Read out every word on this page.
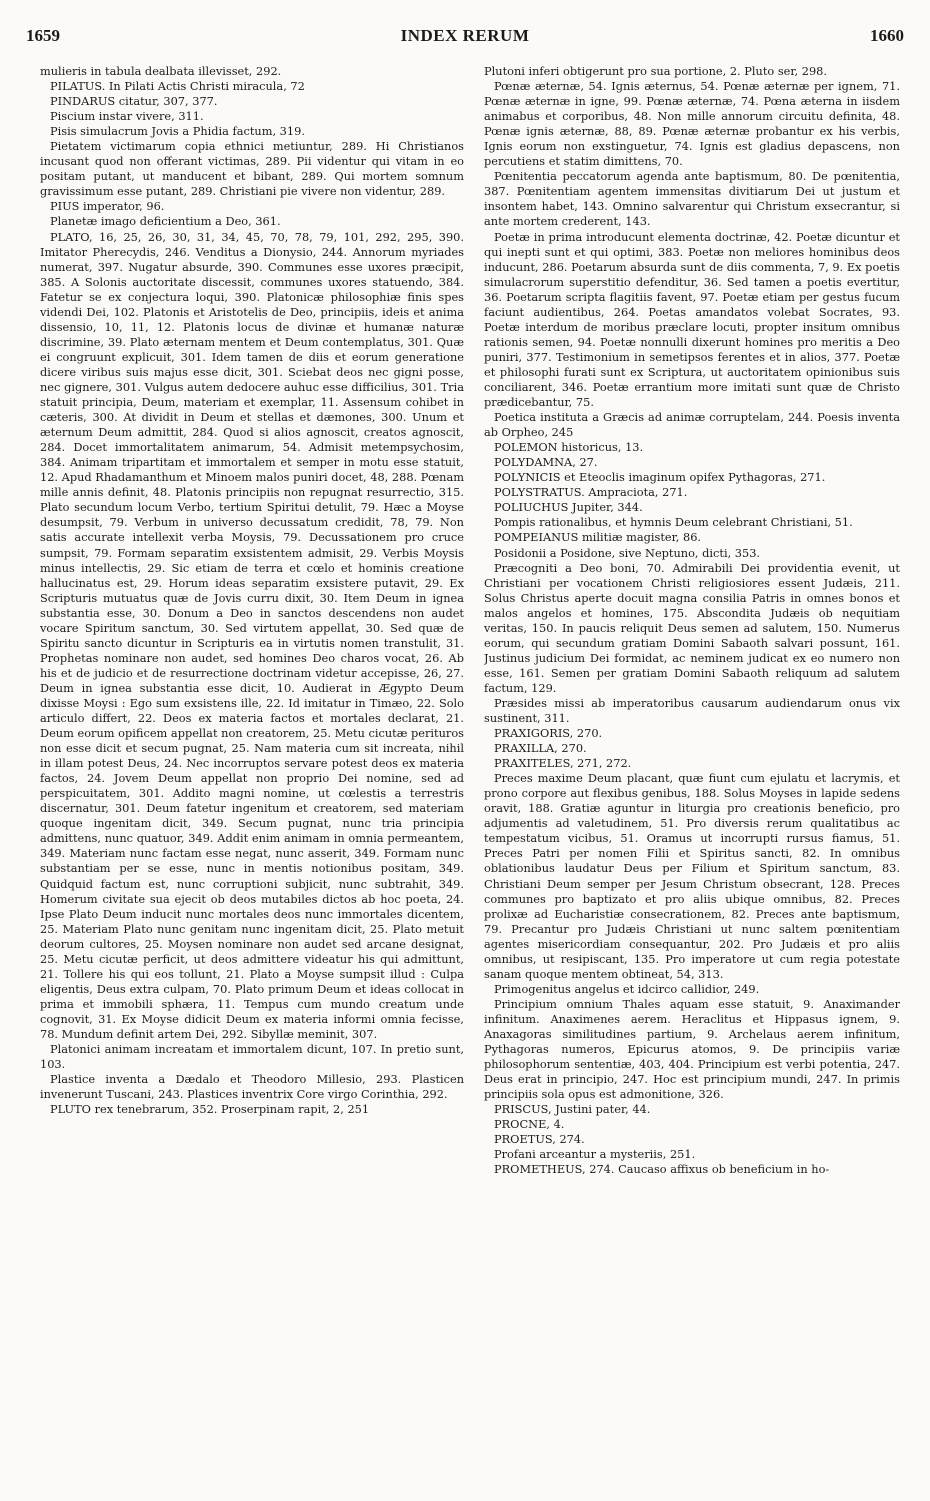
1659	INDEX RERUM	1660

mulieris in tabula dealbata illevisset, 292.

PILATUS. In Pilati Actis Christi miracula, 72

PINDARUS citatur, 307, 377.

Piscium instar vivere, 311.

Pisis simulacrum Jovis a Phidia factum, 319.

Pietatem victimarum copia ethnici metiuntur, 289. Hi Christianos incusant quod non offerant victimas, 289. Pii videntur qui vitam in eo positam putant, ut manducent et bibant, 289. Qui mortem somnum gravissimum esse putant, 289. Christiani pie vivere non videntur, 289.

PIUS imperator, 96.

Planetæ imago deficientium a Deo, 361.

PLATO, 16, 25, 26, 30, 31, 34, 45, 70, 78, 79, 101, 292, 295, 390. Imitator Pherecydis, 246. Venditus a Dionysio, 244. Annorum myriades numerat, 397. Nugatur absurde, 390. Communes esse uxores præcipit, 385. A Solonis auctoritate discessit, communes uxores statuendo, 384. Fatetur se ex conjectura loqui, 390. Platonicæ philosophiæ finis spes videndi Dei, 102. Platonis et Aristotelis de Deo, principiis, ideis et anima dissensio, 10, 11, 12. Platonis locus de divinæ et humanæ naturæ discrimine, 39. Plato æternam mentem et Deum contemplatus, 301. Quæ ei congruunt explicuit, 301. Idem tamen de diis et eorum generatione dicere viribus suis majus esse dicit, 301. Sciebat deos nec gigni posse, nec gignere, 301. Vulgus autem dedocere auhuc esse difficilius, 301. Tria statuit principia, Deum, materiam et exemplar, 11. Assensum cohibet in cæteris, 300. At dividit in Deum et stellas et dæmones, 300. Unum et æternum Deum admittit, 284. Quod si alios agnoscit, creatos agnoscit, 284. Docet immortalitatem animarum, 54. Admisit metempsychosim, 384. Animam tripartitam et immortalem et semper in motu esse statuit, 12. Apud Rhadamanthum et Minoem malos puniri docet, 48, 288. Pœnam mille annis definit, 48. Platonis principiis non repugnat resurrectio, 315. Plato secundum locum Verbo, tertium Spiritui detulit, 79. Hæc a Moyse desumpsit, 79. Verbum in universo decussatum credidit, 78, 79. Non satis accurate intellexit verba Moysis, 79. Decussationem pro cruce sumpsit, 79. Formam separatim exsistentem admisit, 29. Verbis Moysis minus intellectis, 29. Sic etiam de terra et cœlo et hominis creatione hallucinatus est, 29. Horum ideas separatim exsistere putavit, 29. Ex Scripturis mutuatus quæ de Jovis curru dixit, 30. Item Deum in ignea substantia esse, 30. Donum a Deo in sanctos descendens non audet vocare Spiritum sanctum, 30. Sed virtutem appellat, 30. Sed quæ de Spiritu sancto dicuntur in Scripturis ea in virtutis nomen transtulit, 31. Prophetas nominare non audet, sed homines Deo charos vocat, 26. Ab his et de judicio et de resurrectione doctrinam videtur accepisse, 26, 27. Deum in ignea substantia esse dicit, 10. Audierat in Ægypto Deum dixisse Moysi : Ego sum exsistens ille, 22. Id imitatur in Timæo, 22. Solo articulo differt, 22. Deos ex materia factos et mortales declarat, 21. Deum eorum opificem appellat non creatorem, 25. Metu cicutæ perituros non esse dicit et secum pugnat, 25. Nam materia cum sit increata, nihil in illam potest Deus, 24. Nec incorruptos servare potest deos ex materia factos, 24. Jovem Deum appellat non proprio Dei nomine, sed ad perspicuitatem, 301. Addito magni nomine, ut cœlestis a terrestris discernatur, 301. Deum fatetur ingenitum et creatorem, sed materiam quoque ingenitam dicit, 349. Secum pugnat, nunc tria principia admittens, nunc quatuor, 349. Addit enim animam in omnia permeantem, 349. Materiam nunc factam esse negat, nunc asserit, 349. Formam nunc substantiam per se esse, nunc in mentis notionibus positam, 349. Quidquid factum est, nunc corruptioni subjicit, nunc subtrahit, 349. Homerum civitate sua ejecit ob deos mutabiles dictos ab hoc poeta, 24. Ipse Plato Deum inducit nunc mortales deos nunc immortales dicentem, 25. Materiam Plato nunc genitam nunc ingenitam dicit, 25. Plato metuit deorum cultores, 25. Moysen nominare non audet sed arcane designat, 25. Metu cicutæ perficit, ut deos admittere videatur his qui admittunt, 21. Tollere his qui eos tollunt, 21. Plato a Moyse sumpsit illud : Culpa eligentis, Deus extra culpam, 70. Plato primum Deum et ideas collocat in prima et immobili sphæra, 11. Tempus cum mundo creatum unde cognovit, 31. Ex Moyse didicit Deum ex materia informi omnia fecisse, 78. Mundum definit artem Dei, 292. Sibyllæ meminit, 307.

Platonici animam increatam et immortalem dicunt, 107. In pretio sunt, 103.

Plastice inventa a Dædalo et Theodoro Millesio, 293. Plasticen invenerunt Tuscani, 243. Plastices inventrix Core virgo Corinthia, 292.

PLUTO rex tenebrarum, 352. Proserpinam rapit, 2, 251

Plutoni inferi obtigerunt pro sua portione, 2. Pluto ser, 298.

Pœnæ æternæ, 54. Ignis æternus, 54. Pœnæ æternæ per ignem, 71. Pœnæ æternæ in igne, 99. Pœnæ æternæ, 74. Pœna æterna in iisdem animabus et corporibus, 48. Non mille annorum circuitu definita, 48. Pœnæ ignis æternæ, 88, 89. Pœnæ æternæ probantur ex his verbis, Ignis eorum non exstinguetur, 74. Ignis est gladius depascens, non percutiens et statim dimittens, 70.

Pœnitentia peccatorum agenda ante baptismum, 80. De pœnitentia, 387. Pœnitentiam agentem immensitas divitiarum Dei ut justum et insontem habet, 143. Omnino salvarentur qui Christum exsecrantur, si ante mortem crederent, 143.

Poetæ in prima introducunt elementa doctrinæ, 42. Poetæ dicuntur et qui inepti sunt et qui optimi, 383. Poetæ non meliores hominibus deos inducunt, 286. Poetarum absurda sunt de diis commenta, 7, 9. Ex poetis simulacrorum superstitio defenditur, 36. Sed tamen a poetis evertitur, 36. Poetarum scripta flagitiis favent, 97. Poetæ etiam per gestus fucum faciunt audientibus, 264. Poetas amandatos volebat Socrates, 93. Poetæ interdum de moribus præclare locuti, propter insitum omnibus rationis semen, 94. Poetæ nonnulli dixerunt homines pro meritis a Deo puniri, 377. Testimonium in semetipsos ferentes et in alios, 377. Poetæ et philosophi furati sunt ex Scriptura, ut auctoritatem opinionibus suis conciliarent, 346. Poetæ errantium more imitati sunt quæ de Christo prædicebantur, 75.

Poetica instituta a Græcis ad animæ corruptelam, 244. Poesis inventa ab Orpheo, 245

POLEMON historicus, 13.

POLYDAMNA, 27.

POLYNICIS et Eteoclis imaginum opifex Pythagoras, 271.

POLYSTRATUS. Ampraciota, 271.

POLIUCHUS Jupiter, 344.

Pompis rationalibus, et hymnis Deum celebrant Christiani, 51.

POMPEIANUS militiæ magister, 86.

Posidonii a Posidone, sive Neptuno, dicti, 353.

Præcogniti a Deo boni, 70. Admirabili Dei providentia evenit, ut Christiani per vocationem Christi religiosiores essent Judæis, 211. Solus Christus aperte docuit magna consilia Patris in omnes bonos et malos angelos et homines, 175. Abscondita Judæis ob nequitiam veritas, 150. In paucis reliquit Deus semen ad salutem, 150. Numerus eorum, qui secundum gratiam Domini Sabaoth salvari possunt, 161. Justinus judicium Dei formidat, ac neminem judicat ex eo numero non esse, 161. Semen per gratiam Domini Sabaoth reliquum ad salutem factum, 129.

Præsides missi ab imperatoribus causarum audiendarum onus vix sustinent, 311.

PRAXIGORIS, 270.

PRAXILLA, 270.

PRAXITELES, 271, 272.

Preces maxime Deum placant, quæ fiunt cum ejulatu et lacrymis, et prono corpore aut flexibus genibus, 188. Solus Moyses in lapide sedens oravit, 188. Gratiæ aguntur in liturgia pro creationis beneficio, pro adjumentis ad valetudinem, 51. Pro diversis rerum qualitatibus ac tempestatum vicibus, 51. Oramus ut incorrupti rursus fiamus, 51. Preces Patri per nomen Filii et Spiritus sancti, 82. In omnibus oblationibus laudatur Deus per Filium et Spiritum sanctum, 83. Christiani Deum semper per Jesum Christum obsecrant, 128. Preces communes pro baptizato et pro aliis ubique omnibus, 82. Preces prolixæ ad Eucharistiæ consecrationem, 82. Preces ante baptismum, 79. Precantur pro Judæis Christiani ut nunc saltem pœnitentiam agentes misericordiam consequantur, 202. Pro Judæis et pro aliis omnibus, ut resipiscant, 135. Pro imperatore ut cum regia potestate sanam quoque mentem obtineat, 54, 313.

Primogenitus angelus et idcirco callidior, 249.

Principium omnium Thales aquam esse statuit, 9. Anaximander infinitum. Anaximenes aerem. Heraclitus et Hippasus ignem, 9. Anaxagoras similitudines partium, 9. Archelaus aerem infinitum, Pythagoras numeros, Epicurus atomos, 9. De principiis variæ philosophorum sententiæ, 403, 404. Principium est verbi potentia, 247. Deus erat in principio, 247. Hoc est principium mundi, 247. In primis principiis sola opus est admonitione, 326.

PRISCUS, Justini pater, 44.

PROCNE, 4.

PROETUS, 274.

Profani arceantur a mysteriis, 251.

PROMETHEUS, 274. Caucaso affixus ob beneficium in ho-
